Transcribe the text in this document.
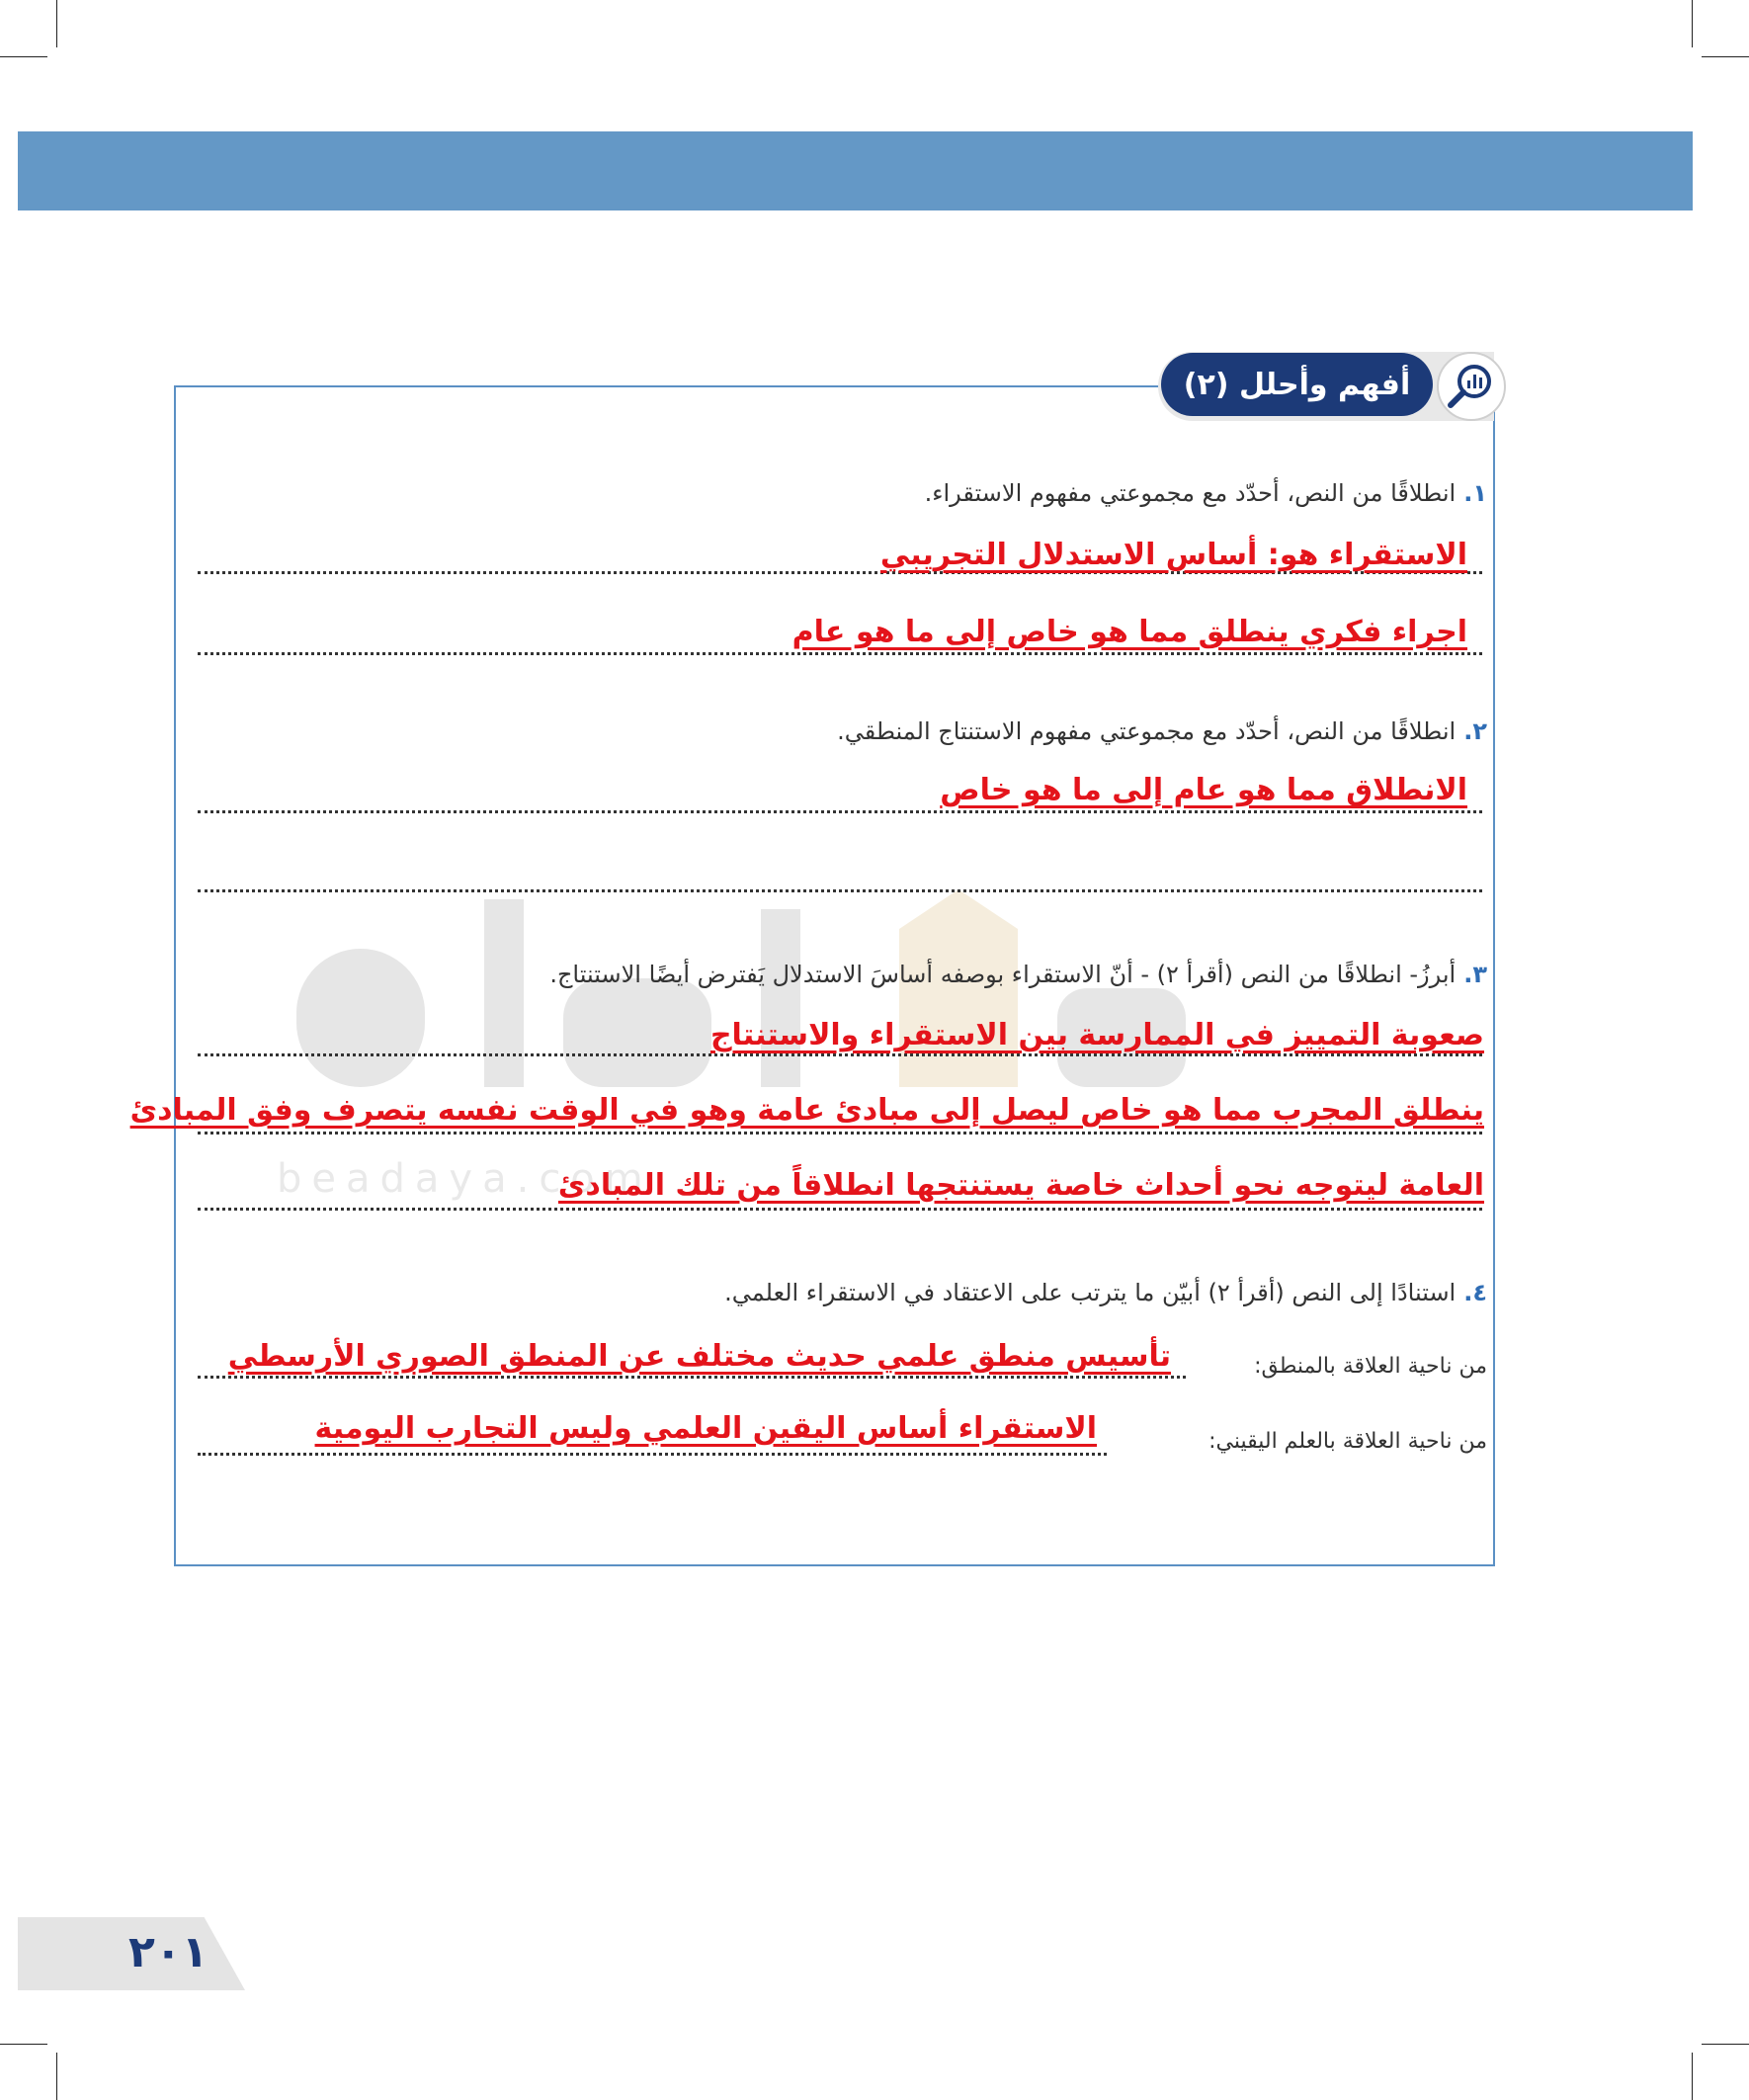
beadaya.com
أفهم وأحلل (٢)
١.انطلاقًا من النص، أحدّد مع مجموعتي مفهوم الاستقراء.
الاستقراء هو: أساس الاستدلال التجريبي
اجراء فكري ينطلق مما هو خاص إلى ما هو عام
٢.انطلاقًا من النص، أحدّد مع مجموعتي مفهوم الاستنتاج المنطقي.
الانطلاق مما هو عام إلى ما هو خاص
٣.أبرزُ- انطلاقًا من النص (أقرأ ٢) - أنّ الاستقراء بوصفه أساسَ الاستدلال يَفترض أيضًا الاستنتاج.
صعوبة التمييز في الممارسة بين الاستقراء والاستنتاج
ينطلق المجرب مما هو خاص ليصل إلى مبادئ عامة وهو في الوقت نفسه يتصرف وفق المبادئ
العامة ليتوجه نحو أحداث خاصة يستنتجها انطلاقاً من تلك المبادئ
٤.استنادًا إلى النص (أقرأ ٢) أبيّن ما يترتب على الاعتقاد في الاستقراء العلمي.
من ناحية العلاقة بالمنطق:
تأسيس منطق علمي حديث مختلف عن المنطق الصوري الأرسطي
من ناحية العلاقة بالعلم اليقيني:
الاستقراء أساس اليقين العلمي وليس التجارب اليومية
٢٠١
